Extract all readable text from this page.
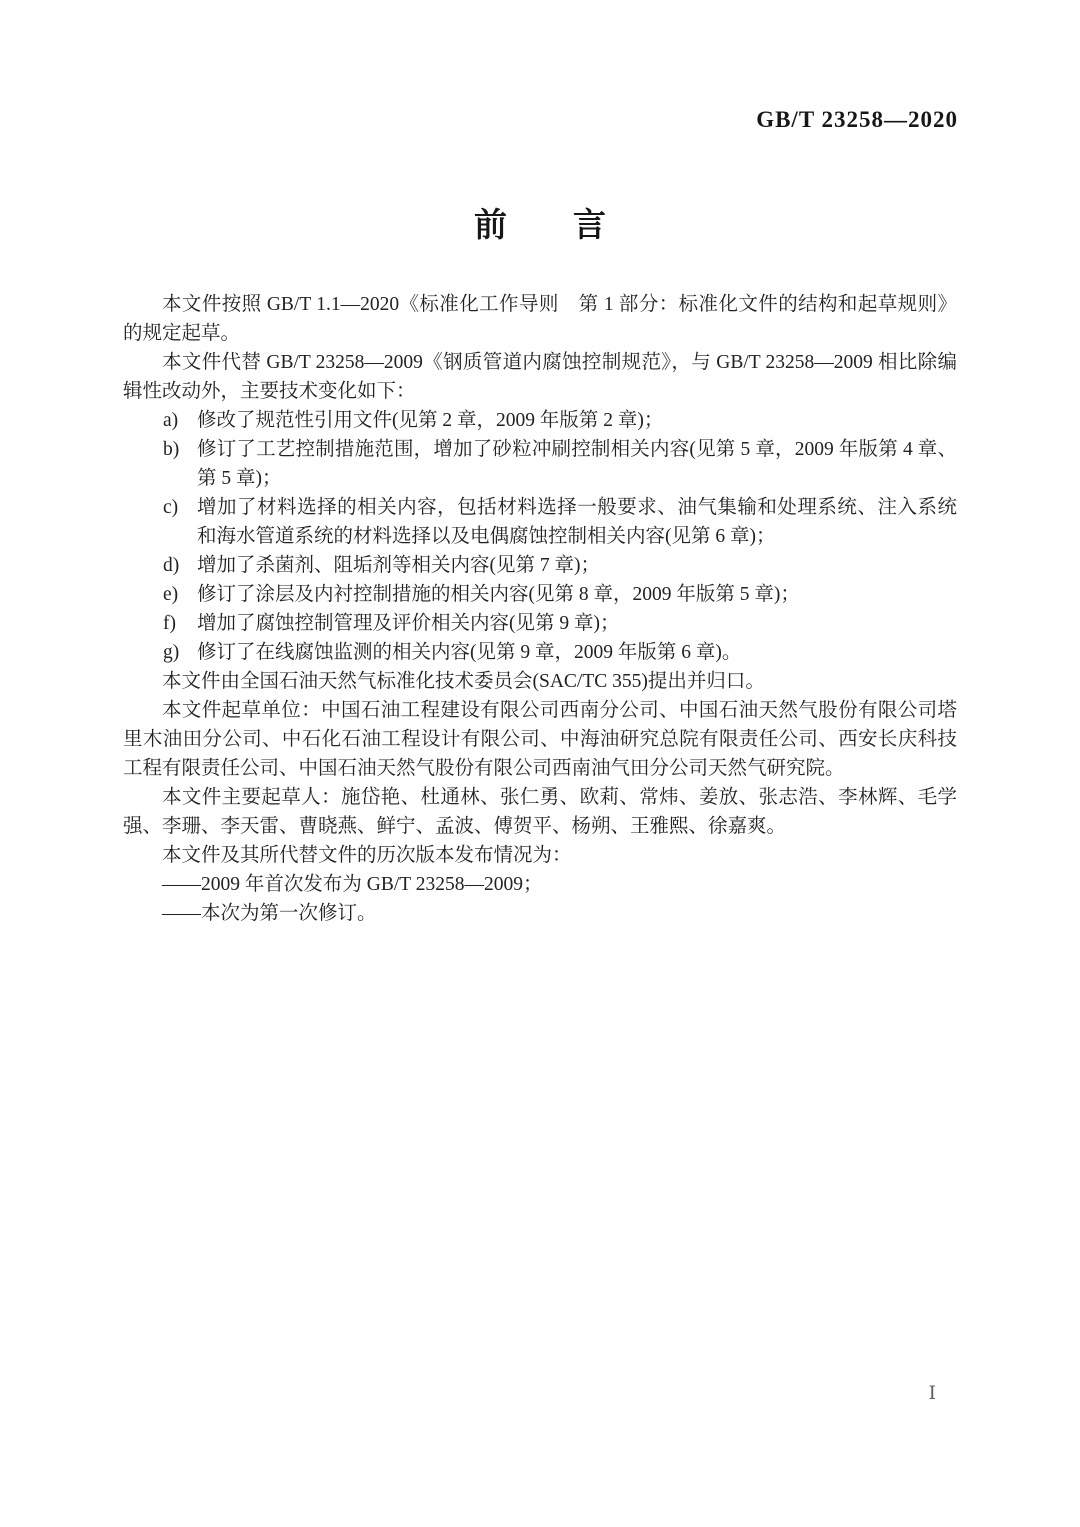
GB/T 23258—2020
前　　言

本文件按照 GB/T 1.1—2020《标准化工作导则　第 1 部分：标准化文件的结构和起草规则》的规定起草。

本文件代替 GB/T 23258—2009《钢质管道内腐蚀控制规范》，与 GB/T 23258—2009 相比除编辑性改动外，主要技术变化如下：

a) 修改了规范性引用文件(见第 2 章，2009 年版第 2 章)；
b) 修订了工艺控制措施范围，增加了砂粒冲刷控制相关内容(见第 5 章，2009 年版第 4 章、第 5 章)；
c) 增加了材料选择的相关内容，包括材料选择一般要求、油气集输和处理系统、注入系统和海水管道系统的材料选择以及电偶腐蚀控制相关内容(见第 6 章)；
d) 增加了杀菌剂、阻垢剂等相关内容(见第 7 章)；
e) 修订了涂层及内衬控制措施的相关内容(见第 8 章，2009 年版第 5 章)；
f) 增加了腐蚀控制管理及评价相关内容(见第 9 章)；
g) 修订了在线腐蚀监测的相关内容(见第 9 章，2009 年版第 6 章)。

本文件由全国石油天然气标准化技术委员会(SAC/TC 355)提出并归口。

本文件起草单位：中国石油工程建设有限公司西南分公司、中国石油天然气股份有限公司塔里木油田分公司、中石化石油工程设计有限公司、中海油研究总院有限责任公司、西安长庆科技工程有限责任公司、中国石油天然气股份有限公司西南油气田分公司天然气研究院。

本文件主要起草人：施岱艳、杜通林、张仁勇、欧莉、常炜、姜放、张志浩、李林辉、毛学强、李珊、李天雷、曹晓燕、鲜宁、孟波、傅贺平、杨朔、王雅熙、徐嘉爽。

本文件及其所代替文件的历次版本发布情况为：

——2009 年首次发布为 GB/T 23258—2009；

——本次为第一次修订。

Ⅰ
